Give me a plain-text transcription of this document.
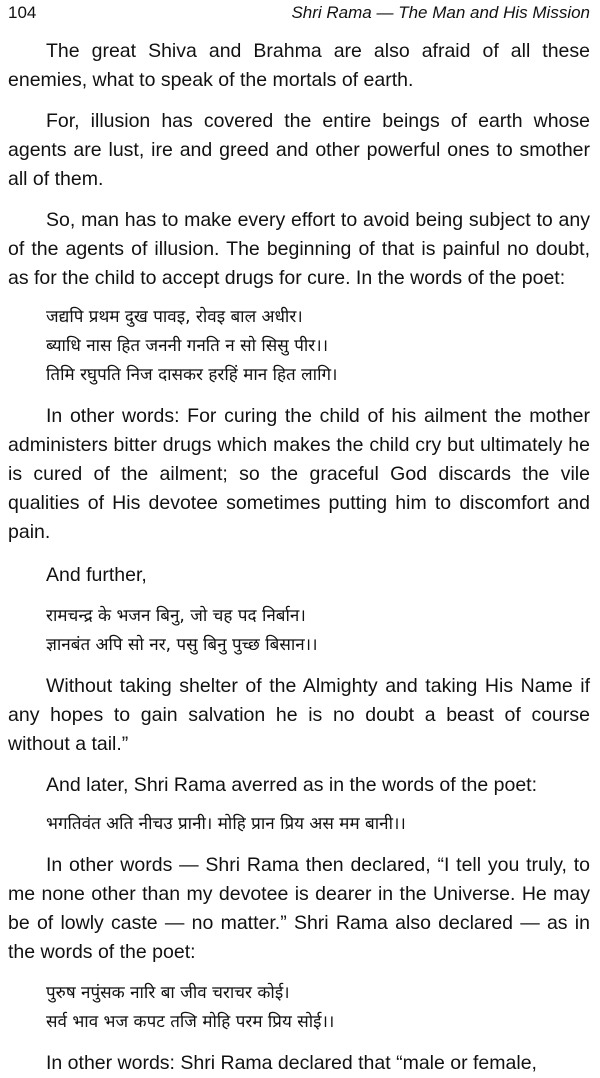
104	Shri Rama — The Man and His Mission

The great Shiva and Brahma are also afraid of all these enemies, what to speak of the mortals of earth.

For, illusion has covered the entire beings of earth whose agents are lust, ire and greed and other powerful ones to smother all of them.

So, man has to make every effort to avoid being subject to any of the agents of illusion. The beginning of that is painful no doubt, as for the child to accept drugs for cure. In the words of the poet:

जद्यपि प्रथम दुख पावइ, रोवइ बाल अधीर।
ब्याधि नास हित जननी गनति न सो सिसु पीर।।
तिमि रघुपति निज दासकर हरहिं मान हित लागि।

In other words: For curing the child of his ailment the mother administers bitter drugs which makes the child cry but ultimately he is cured of the ailment; so the graceful God discards the vile qualities of His devotee sometimes putting him to discomfort and pain.

And further,

रामचन्द्र के भजन बिनु, जो चह पद निर्बान।
ज्ञानबंत अपि सो नर, पसु बिनु पुच्छ बिसान।।

Without taking shelter of the Almighty and taking His Name if any hopes to gain salvation he is no doubt a beast of course without a tail.”

And later, Shri Rama averred as in the words of the poet:

भगतिवंत अति नीचउ प्रानी। मोहि प्रान प्रिय अस मम बानी।।

In other words — Shri Rama then declared, “I tell you truly, to me none other than my devotee is dearer in the Universe. He may be of lowly caste — no matter.” Shri Rama also declared — as in the words of the poet:

पुरुष नपुंसक नारि बा जीव चराचर कोई।
सर्व भाव भज कपट तजि मोहि परम प्रिय सोई।।

In other words: Shri Rama declared that “male or female,
